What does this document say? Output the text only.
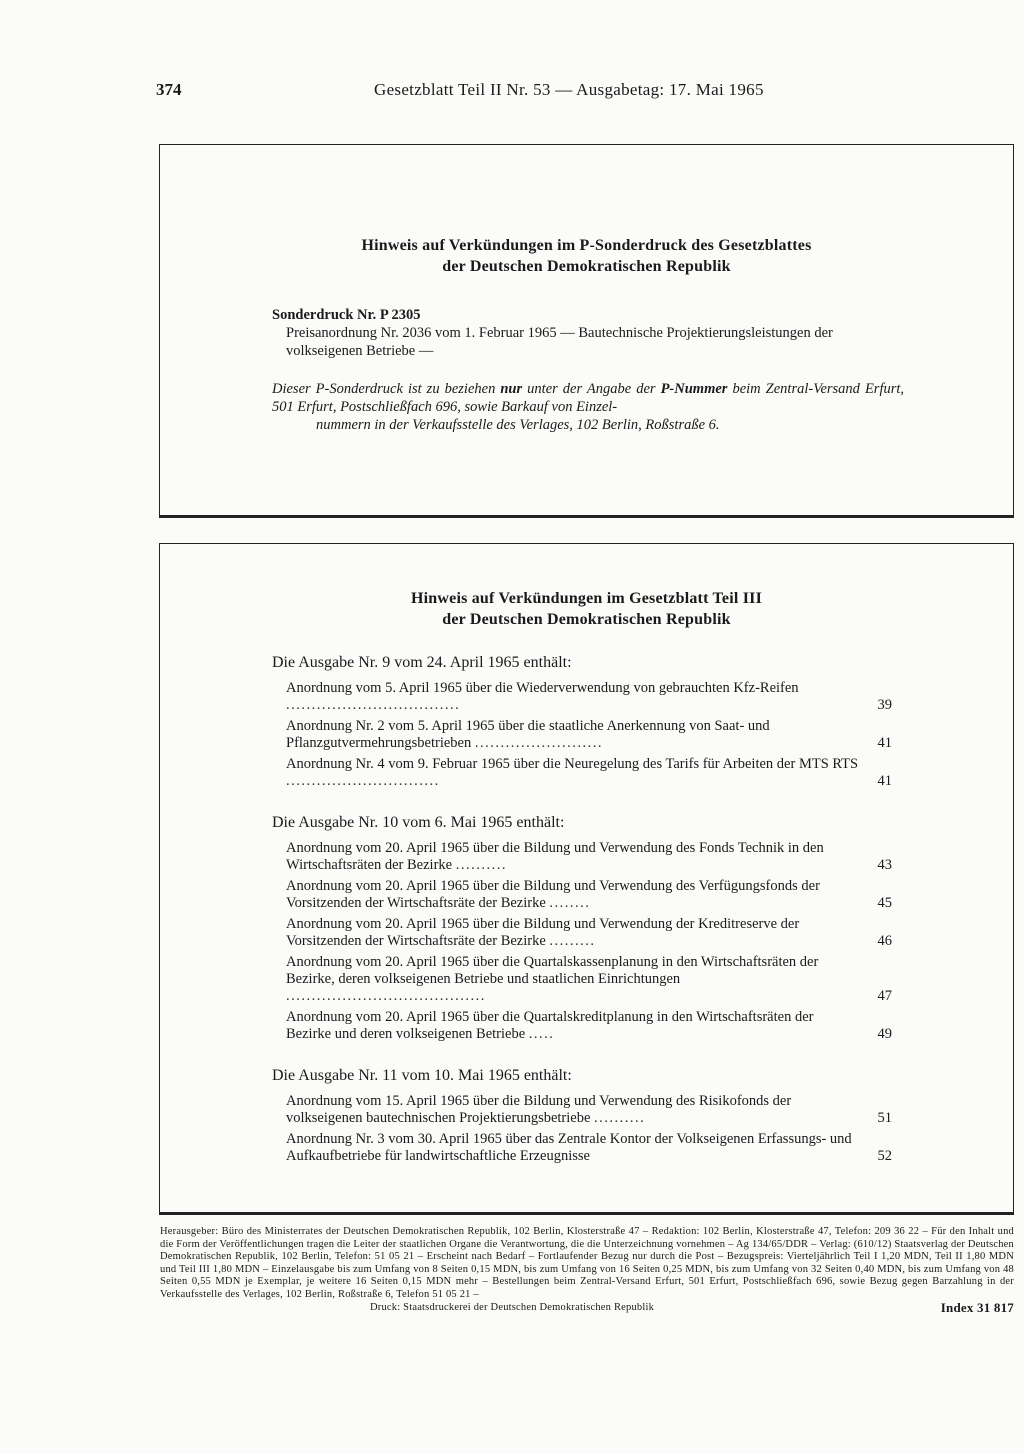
374	Gesetzblatt Teil II Nr. 53 — Ausgabetag: 17. Mai 1965
Hinweis auf Verkündungen im P-Sonderdruck des Gesetzblattes
der Deutschen Demokratischen Republik
Sonderdruck Nr. P 2305
Preisanordnung Nr. 2036 vom 1. Februar 1965 — Bautechnische Projektierungsleistungen der volkseigenen Betriebe —
Dieser P-Sonderdruck ist zu beziehen nur unter der Angabe der P-Nummer beim Zentral-Versand Erfurt, 501 Erfurt, Postschließfach 696, sowie Barkauf von Einzel-
nummern in der Verkaufsstelle des Verlages, 102 Berlin, Roßstraße 6.
Hinweis auf Verkündungen im Gesetzblatt Teil III
der Deutschen Demokratischen Republik
Die Ausgabe Nr. 9 vom 24. April 1965 enthält:
Anordnung vom 5. April 1965 über die Wiederverwendung von gebrauchten Kfz-Reifen ..................................	39
Anordnung Nr. 2 vom 5. April 1965 über die staatliche Anerkennung von Saat- und Pflanzgutvermehrungsbetrieben .........................	41
Anordnung Nr. 4 vom 9. Februar 1965 über die Neuregelung des Tarifs für Arbeiten der MTS RTS ..............................	41
Die Ausgabe Nr. 10 vom 6. Mai 1965 enthält:
Anordnung vom 20. April 1965 über die Bildung und Verwendung des Fonds Technik in den Wirtschaftsräten der Bezirke ..........	43
Anordnung vom 20. April 1965 über die Bildung und Verwendung des Verfügungsfonds der Vorsitzenden der Wirtschaftsräte der Bezirke ........	45
Anordnung vom 20. April 1965 über die Bildung und Verwendung der Kreditreserve der Vorsitzenden der Wirtschaftsräte der Bezirke .........	46
Anordnung vom 20. April 1965 über die Quartalskassenplanung in den Wirtschaftsräten der Bezirke, deren volkseigenen Betriebe und staatlichen Einrichtungen .......................................	47
Anordnung vom 20. April 1965 über die Quartalskreditplanung in den Wirtschaftsräten der Bezirke und deren volkseigenen Betriebe .....	49
Die Ausgabe Nr. 11 vom 10. Mai 1965 enthält:
Anordnung vom 15. April 1965 über die Bildung und Verwendung des Risikofonds der volkseigenen bautechnischen Projektierungsbetriebe ..........	51
Anordnung Nr. 3 vom 30. April 1965 über das Zentrale Kontor der Volkseigenen Erfassungs- und Aufkaufbetriebe für landwirtschaftliche Erzeugnisse	52
Herausgeber: Büro des Ministerrates der Deutschen Demokratischen Republik, 102 Berlin, Klosterstraße 47 – Redaktion: 102 Berlin, Klosterstraße 47, Telefon: 209 36 22 – Für den Inhalt und die Form der Veröffentlichungen tragen die Leiter der staatlichen Organe die Verantwortung, die die Unterzeichnung vornehmen – Ag 134/65/DDR – Verlag: (610/12) Staatsverlag der Deutschen Demokratischen Republik, 102 Berlin, Telefon: 51 05 21 – Erscheint nach Bedarf – Fortlaufender Bezug nur durch die Post – Bezugspreis: Vierteljährlich Teil I 1,20 MDN, Teil II 1,80 MDN und Teil III 1,80 MDN – Einzelausgabe bis zum Umfang von 8 Seiten 0,15 MDN, bis zum Umfang von 16 Seiten 0,25 MDN, bis zum Umfang von 32 Seiten 0,40 MDN, bis zum Umfang von 48 Seiten 0,55 MDN je Exemplar, je weitere 16 Seiten 0,15 MDN mehr – Bestellungen beim Zentral-Versand Erfurt, 501 Erfurt, Postschließfach 696, sowie Bezug gegen Barzahlung in der Verkaufsstelle des Verlages, 102 Berlin, Roßstraße 6, Telefon 51 05 21 –
Druck: Staatsdruckerei der Deutschen Demokratischen Republik	Index 31 817
